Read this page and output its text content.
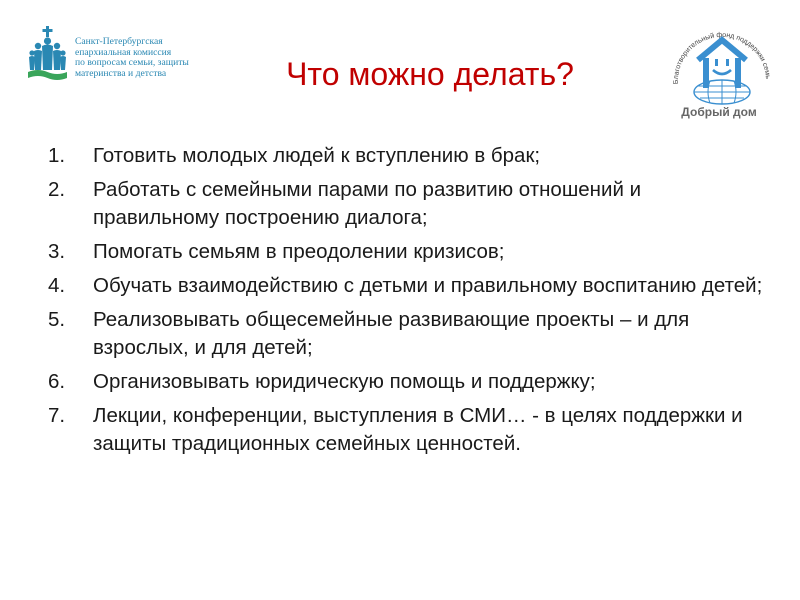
Санкт-Петербургская
епархиальная комиссия
по вопросам семьи, защиты
материнства и детства	Что можно делать?	Благотворительный фонд поддержки семь
Добрый дом
1.	Готовить молодых людей к вступлению в брак;
2.	Работать с семейными парами по развитию отношений и правильному построению диалога;
3.	Помогать семьям в преодолении кризисов;
4.	Обучать взаимодействию с детьми и правильному воспитанию детей;
5.	Реализовывать общесемейные развивающие проекты – и для взрослых, и для детей;
6.	Организовывать юридическую помощь и поддержку;
7.	Лекции, конференции, выступления в СМИ… - в целях поддержки и защиты традиционных семейных ценностей.
